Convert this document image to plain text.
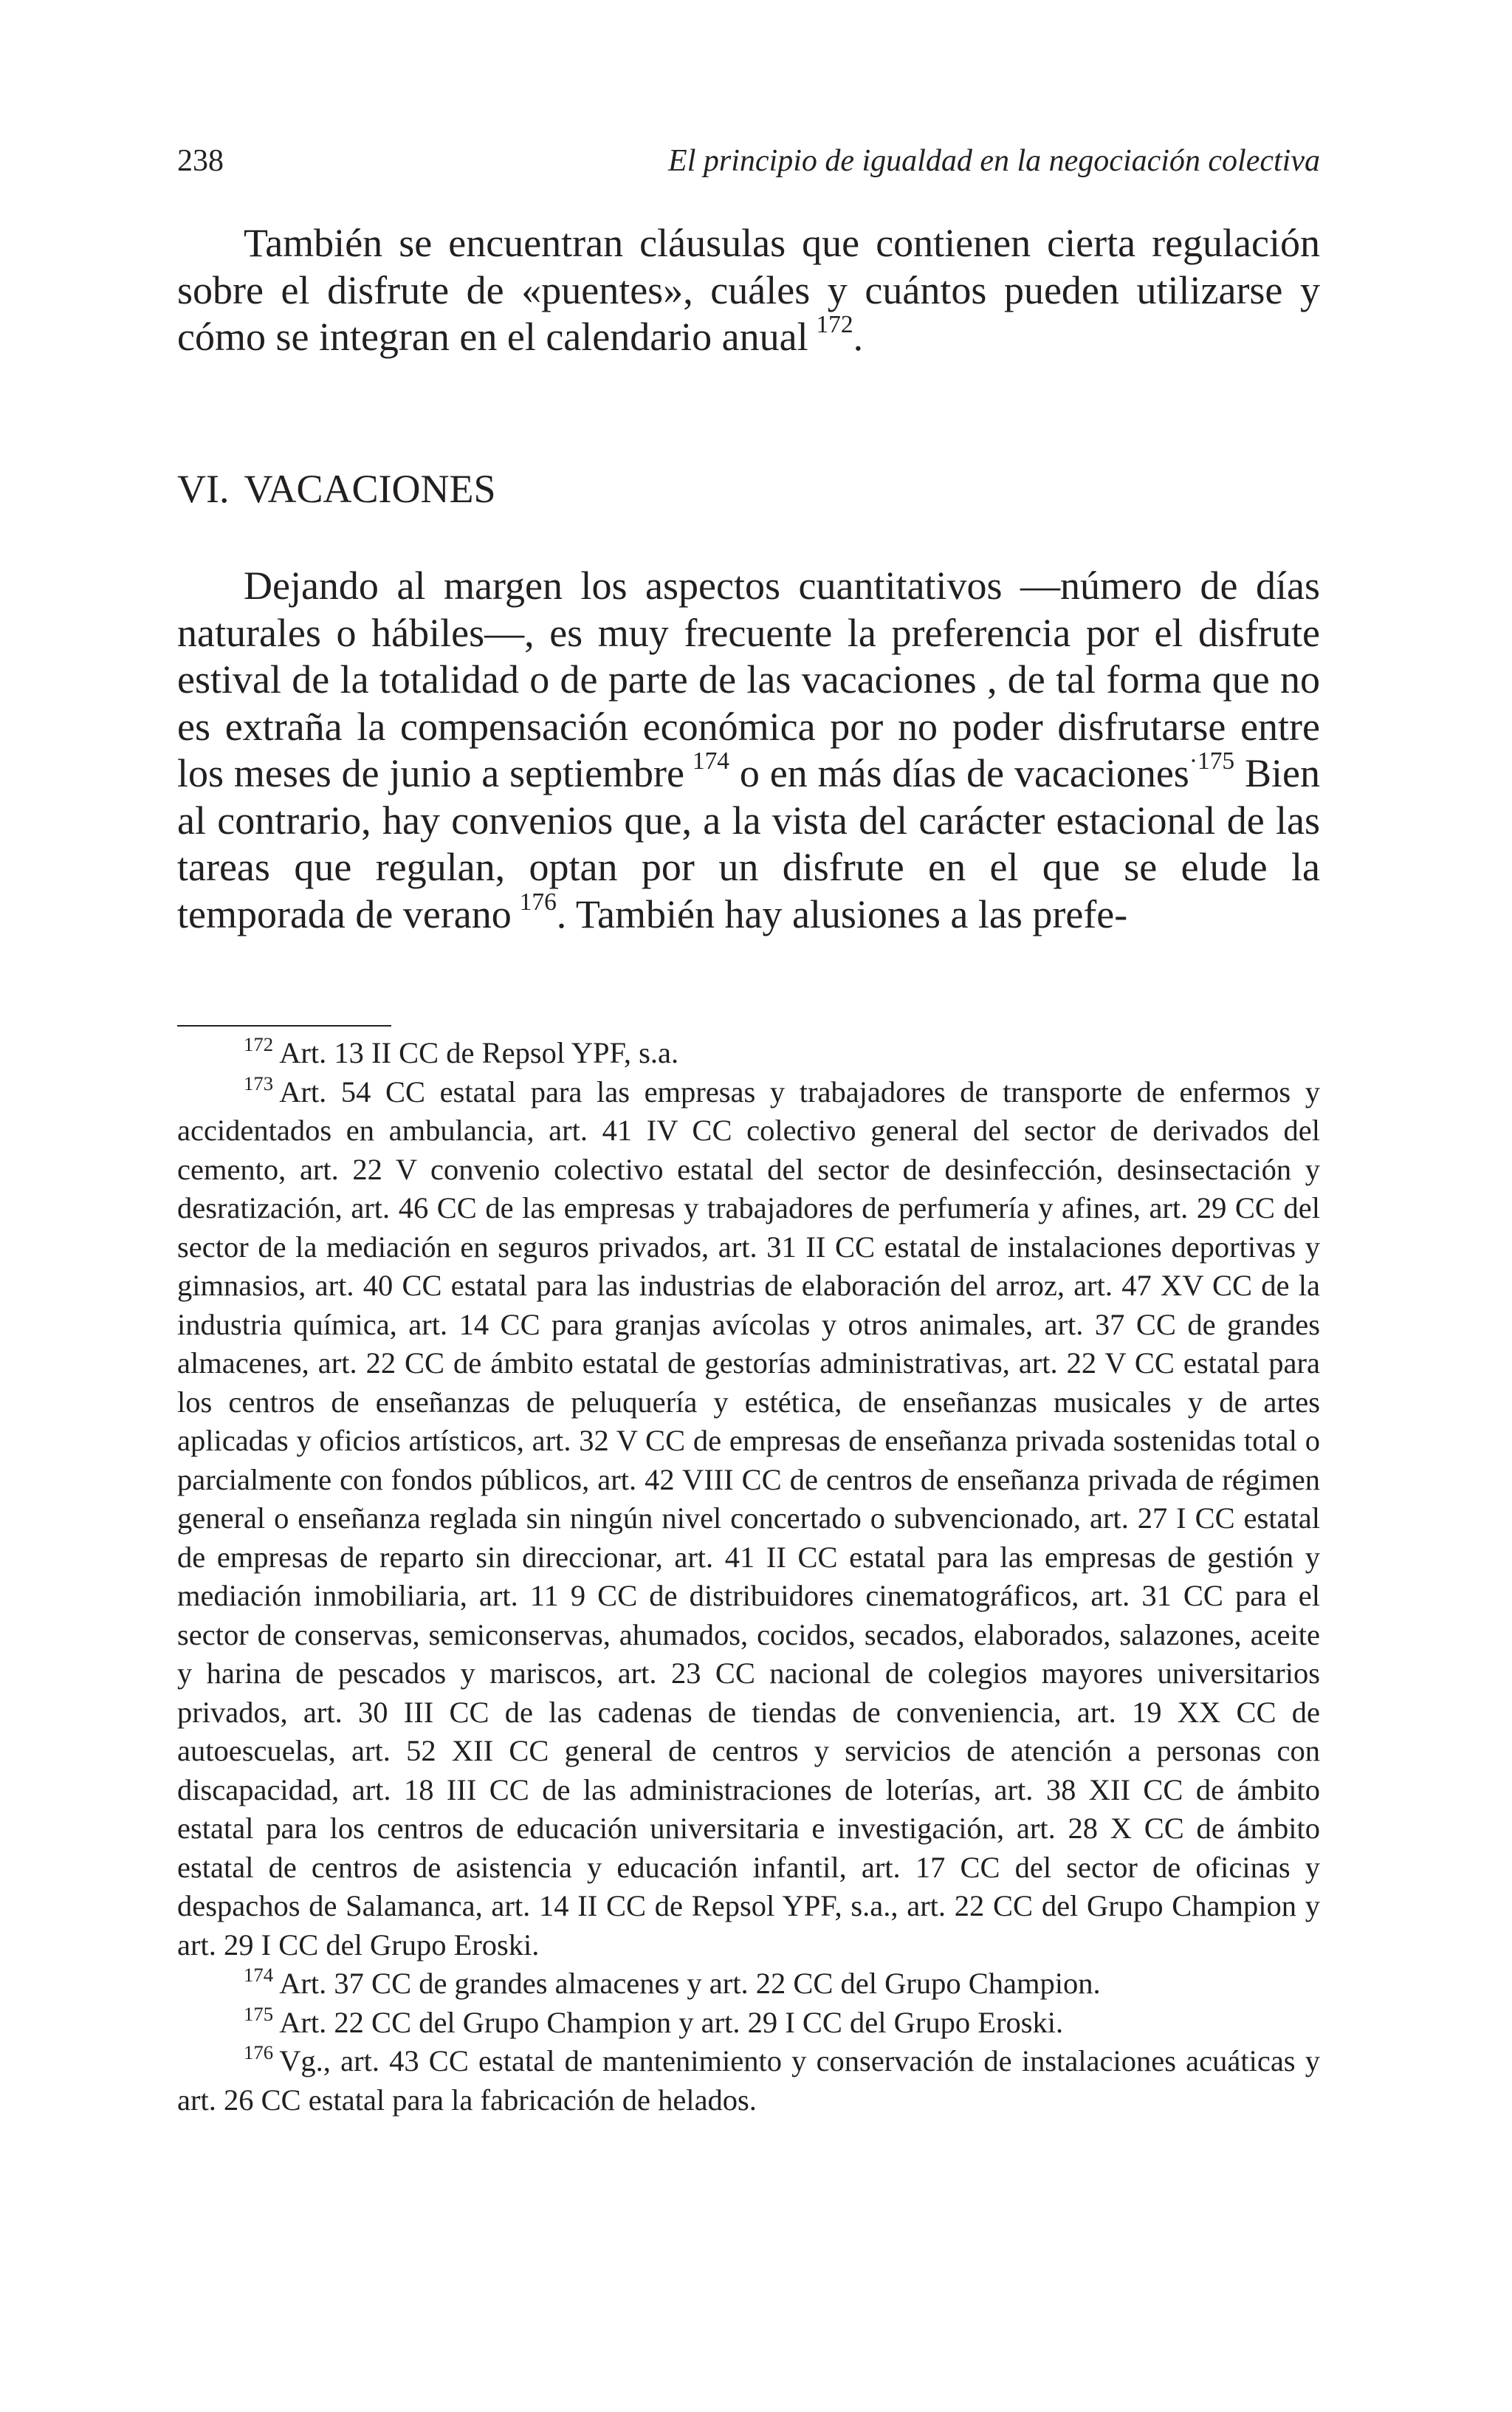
238	El principio de igualdad en la negociación colectiva

También se encuentran cláusulas que contienen cierta regulación sobre el disfrute de «puentes», cuáles y cuántos pueden utilizarse y cómo se integran en el calendario anual  $^{172}$.

VI. VACACIONES

Dejando al margen los aspectos cuantitativos —número de días naturales o hábiles—, es muy frecuente la preferencia por el disfrute estival de la totalidad o de parte de las vacaciones , de tal forma que no es extraña la compensación económica por no poder disfrutarse entre los meses de junio a septiembre  $^{174}$ o en más días de vacaciones$^{\cdot 175}$ Bien al contrario, hay convenios que, a la vista del carácter estacional de las tareas que regulan, optan por un disfrute en el que se elude la temporada de verano  $^{176}$. También hay alusiones a las prefe-

$^{172}$  Art. 13 II CC de Repsol YPF, s.a.

$^{173}$  Art. 54 CC estatal para las empresas y trabajadores de transporte de enfermos y accidentados en ambulancia, art. 41 IV CC colectivo general del sector de derivados del cemento, art. 22 V convenio colectivo estatal del sector de desinfección, desinsectación y desratización, art. 46 CC de las empresas y trabajadores de perfumería y afines, art. 29 CC del sector de la mediación en seguros privados, art. 31 II CC estatal de instalaciones deportivas y gimnasios, art. 40 CC estatal para las industrias de elaboración del arroz, art. 47 XV CC de la industria química, art. 14 CC para granjas avícolas y otros animales, art. 37 CC de grandes almacenes, art. 22 CC de ámbito estatal de gestorías administrativas, art. 22 V CC estatal para los centros de enseñanzas de peluquería y estética, de enseñanzas musicales y de artes aplicadas y oficios artísticos, art. 32 V CC de empresas de enseñanza privada sostenidas total o parcialmente con fondos públicos, art. 42 VIII CC de centros de enseñanza privada de régimen general o enseñanza reglada sin ningún nivel concertado o subvencionado, art. 27 I CC estatal de empresas de reparto sin direccionar, art. 41 II CC estatal para las empresas de gestión y mediación inmobiliaria, art. 11 9 CC de distribuidores cinematográficos, art. 31 CC para el sector de conservas, semiconservas, ahumados, cocidos, secados, elaborados, salazones, aceite y harina de pescados y mariscos, art. 23 CC nacional de colegios mayores universitarios privados, art. 30 III CC de las cadenas de tiendas de conveniencia, art. 19 XX CC de autoescuelas, art. 52 XII CC general de centros y servicios de atención a personas con discapacidad, art. 18 III CC de las administraciones de loterías, art. 38 XII CC de ámbito estatal para los centros de educación universitaria e investigación, art. 28 X CC de ámbito estatal de centros de asistencia y educación infantil, art. 17 CC del sector de oficinas y despachos de Salamanca, art. 14 II CC de Repsol YPF, s.a., art. 22 CC del Grupo Champion y art. 29 I CC del Grupo Eroski.

$^{174}$  Art. 37 CC de grandes almacenes y art. 22 CC del Grupo Champion.

$^{175}$  Art. 22 CC del Grupo Champion y art. 29 I CC del Grupo Eroski.

$^{176}$  Vg., art. 43 CC estatal de mantenimiento y conservación de instalaciones acuáticas y art. 26 CC estatal para la fabricación de helados.
